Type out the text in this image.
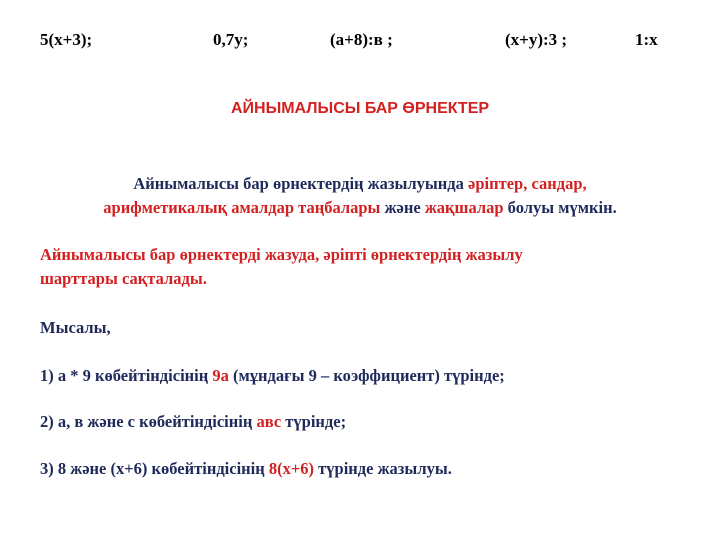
5(x+3);	0,7y;	(a+8):в ;	(x+y):3 ;	1:x
АЙНЫМАЛЫСЫ БАР ӨРНЕКТЕР
Айнымалысы бар өрнектердің жазылуында әріптер, сандар,
арифметикалық амалдар таңбалары және жақшалар болуы мүмкін.
Айнымалысы бар өрнектерді жазуда, әріпті өрнектердің жазылу
шарттары сақталады.
Мысалы,
1) a * 9 көбейтіндісінің 9a (мұндағы 9 – коэффициент) түрінде;
2) a, в және с көбейтіндісінің авс түрінде;
3) 8 және (x+6) көбейтіндісінің 8(x+6) түрінде жазылуы.
